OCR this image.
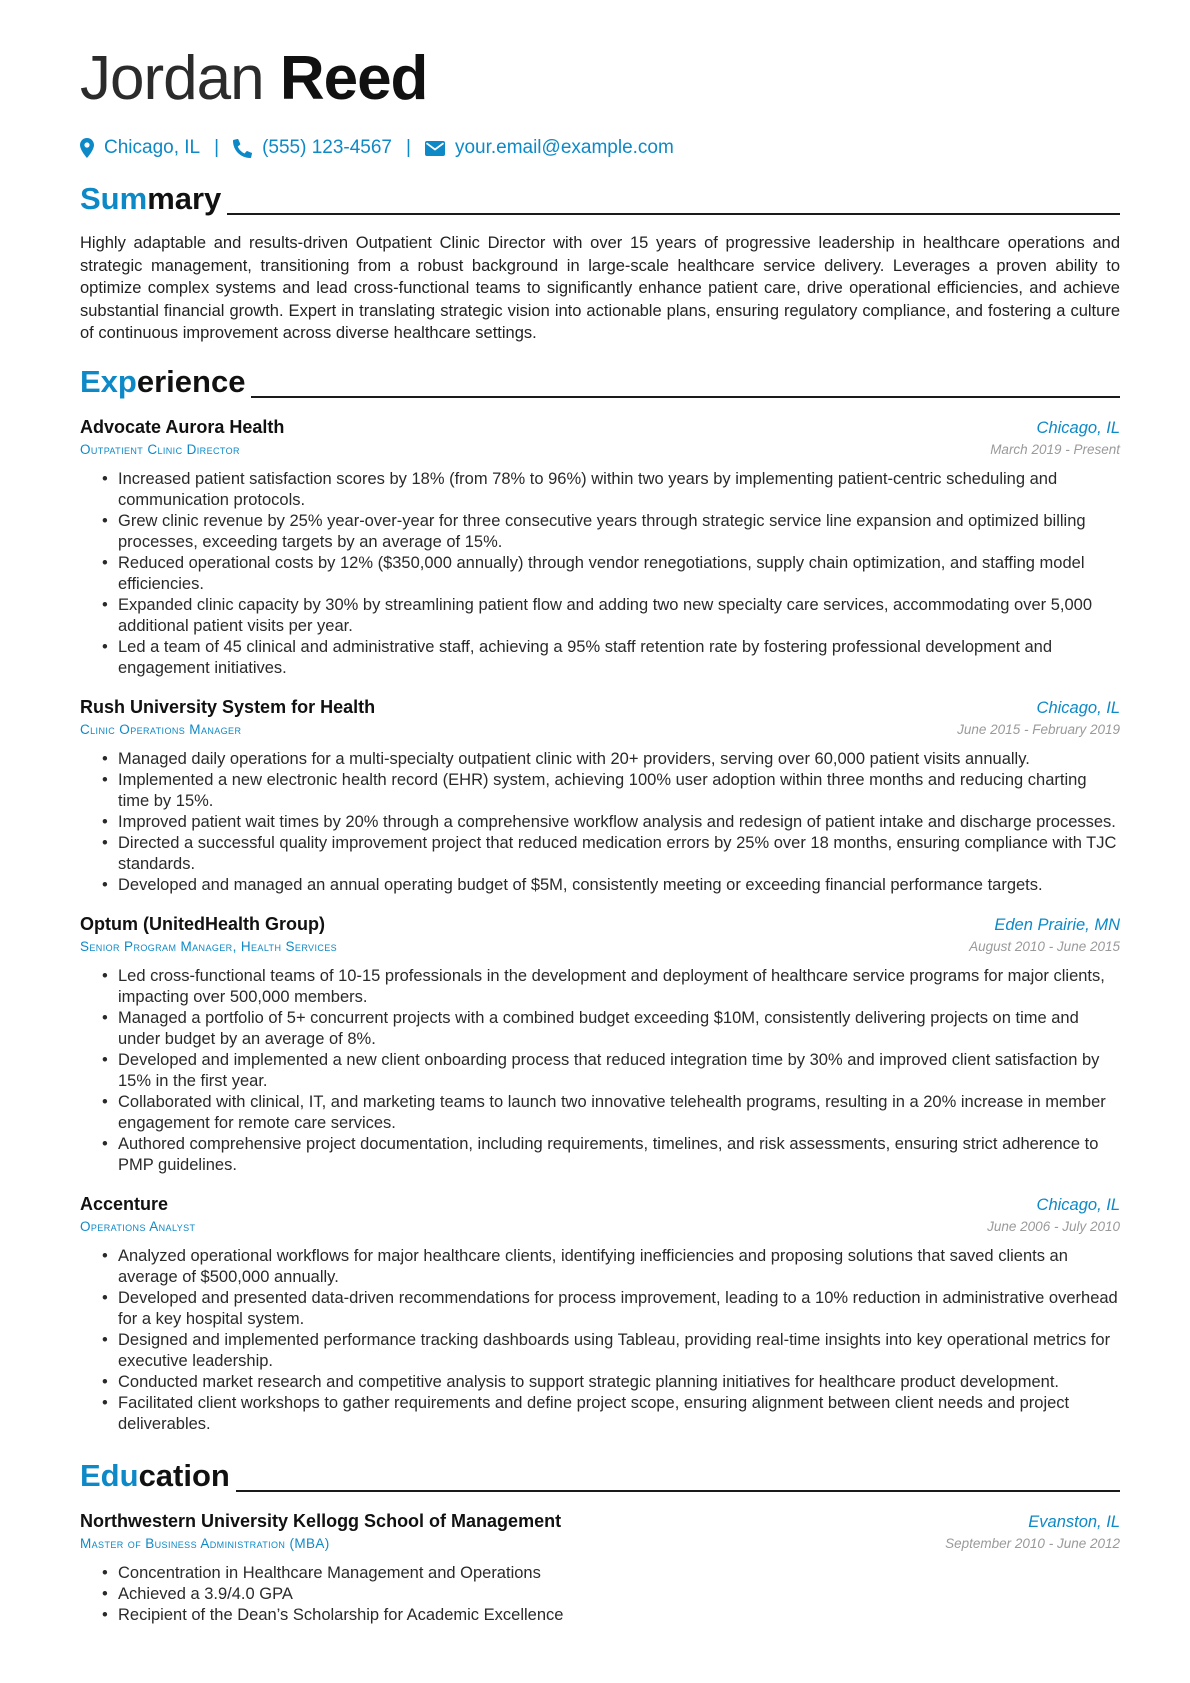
Jordan Reed
Chicago, IL | (555) 123-4567 | your.email@example.com
Summary
Highly adaptable and results-driven Outpatient Clinic Director with over 15 years of progressive leadership in healthcare operations and strategic management, transitioning from a robust background in large-scale healthcare service delivery. Leverages a proven ability to optimize complex systems and lead cross-functional teams to significantly enhance patient care, drive operational efficiencies, and achieve substantial financial growth. Expert in translating strategic vision into actionable plans, ensuring regulatory compliance, and fostering a culture of continuous improvement across diverse healthcare settings.
Experience
Advocate Aurora Health	Chicago, IL
Outpatient Clinic Director	March 2019 - Present
• Increased patient satisfaction scores by 18% (from 78% to 96%) within two years by implementing patient-centric scheduling and communication protocols.
• Grew clinic revenue by 25% year-over-year for three consecutive years through strategic service line expansion and optimized billing processes, exceeding targets by an average of 15%.
• Reduced operational costs by 12% ($350,000 annually) through vendor renegotiations, supply chain optimization, and staffing model efficiencies.
• Expanded clinic capacity by 30% by streamlining patient flow and adding two new specialty care services, accommodating over 5,000 additional patient visits per year.
• Led a team of 45 clinical and administrative staff, achieving a 95% staff retention rate by fostering professional development and engagement initiatives.
Rush University System for Health	Chicago, IL
Clinic Operations Manager	June 2015 - February 2019
• Managed daily operations for a multi-specialty outpatient clinic with 20+ providers, serving over 60,000 patient visits annually.
• Implemented a new electronic health record (EHR) system, achieving 100% user adoption within three months and reducing charting time by 15%.
• Improved patient wait times by 20% through a comprehensive workflow analysis and redesign of patient intake and discharge processes.
• Directed a successful quality improvement project that reduced medication errors by 25% over 18 months, ensuring compliance with TJC standards.
• Developed and managed an annual operating budget of $5M, consistently meeting or exceeding financial performance targets.
Optum (UnitedHealth Group)	Eden Prairie, MN
Senior Program Manager, Health Services	August 2010 - June 2015
• Led cross-functional teams of 10-15 professionals in the development and deployment of healthcare service programs for major clients, impacting over 500,000 members.
• Managed a portfolio of 5+ concurrent projects with a combined budget exceeding $10M, consistently delivering projects on time and under budget by an average of 8%.
• Developed and implemented a new client onboarding process that reduced integration time by 30% and improved client satisfaction by 15% in the first year.
• Collaborated with clinical, IT, and marketing teams to launch two innovative telehealth programs, resulting in a 20% increase in member engagement for remote care services.
• Authored comprehensive project documentation, including requirements, timelines, and risk assessments, ensuring strict adherence to PMP guidelines.
Accenture	Chicago, IL
Operations Analyst	June 2006 - July 2010
• Analyzed operational workflows for major healthcare clients, identifying inefficiencies and proposing solutions that saved clients an average of $500,000 annually.
• Developed and presented data-driven recommendations for process improvement, leading to a 10% reduction in administrative overhead for a key hospital system.
• Designed and implemented performance tracking dashboards using Tableau, providing real-time insights into key operational metrics for executive leadership.
• Conducted market research and competitive analysis to support strategic planning initiatives for healthcare product development.
• Facilitated client workshops to gather requirements and define project scope, ensuring alignment between client needs and project deliverables.
Education
Northwestern University Kellogg School of Management	Evanston, IL
Master of Business Administration (MBA)	September 2010 - June 2012
• Concentration in Healthcare Management and Operations
• Achieved a 3.9/4.0 GPA
• Recipient of the Dean’s Scholarship for Academic Excellence
